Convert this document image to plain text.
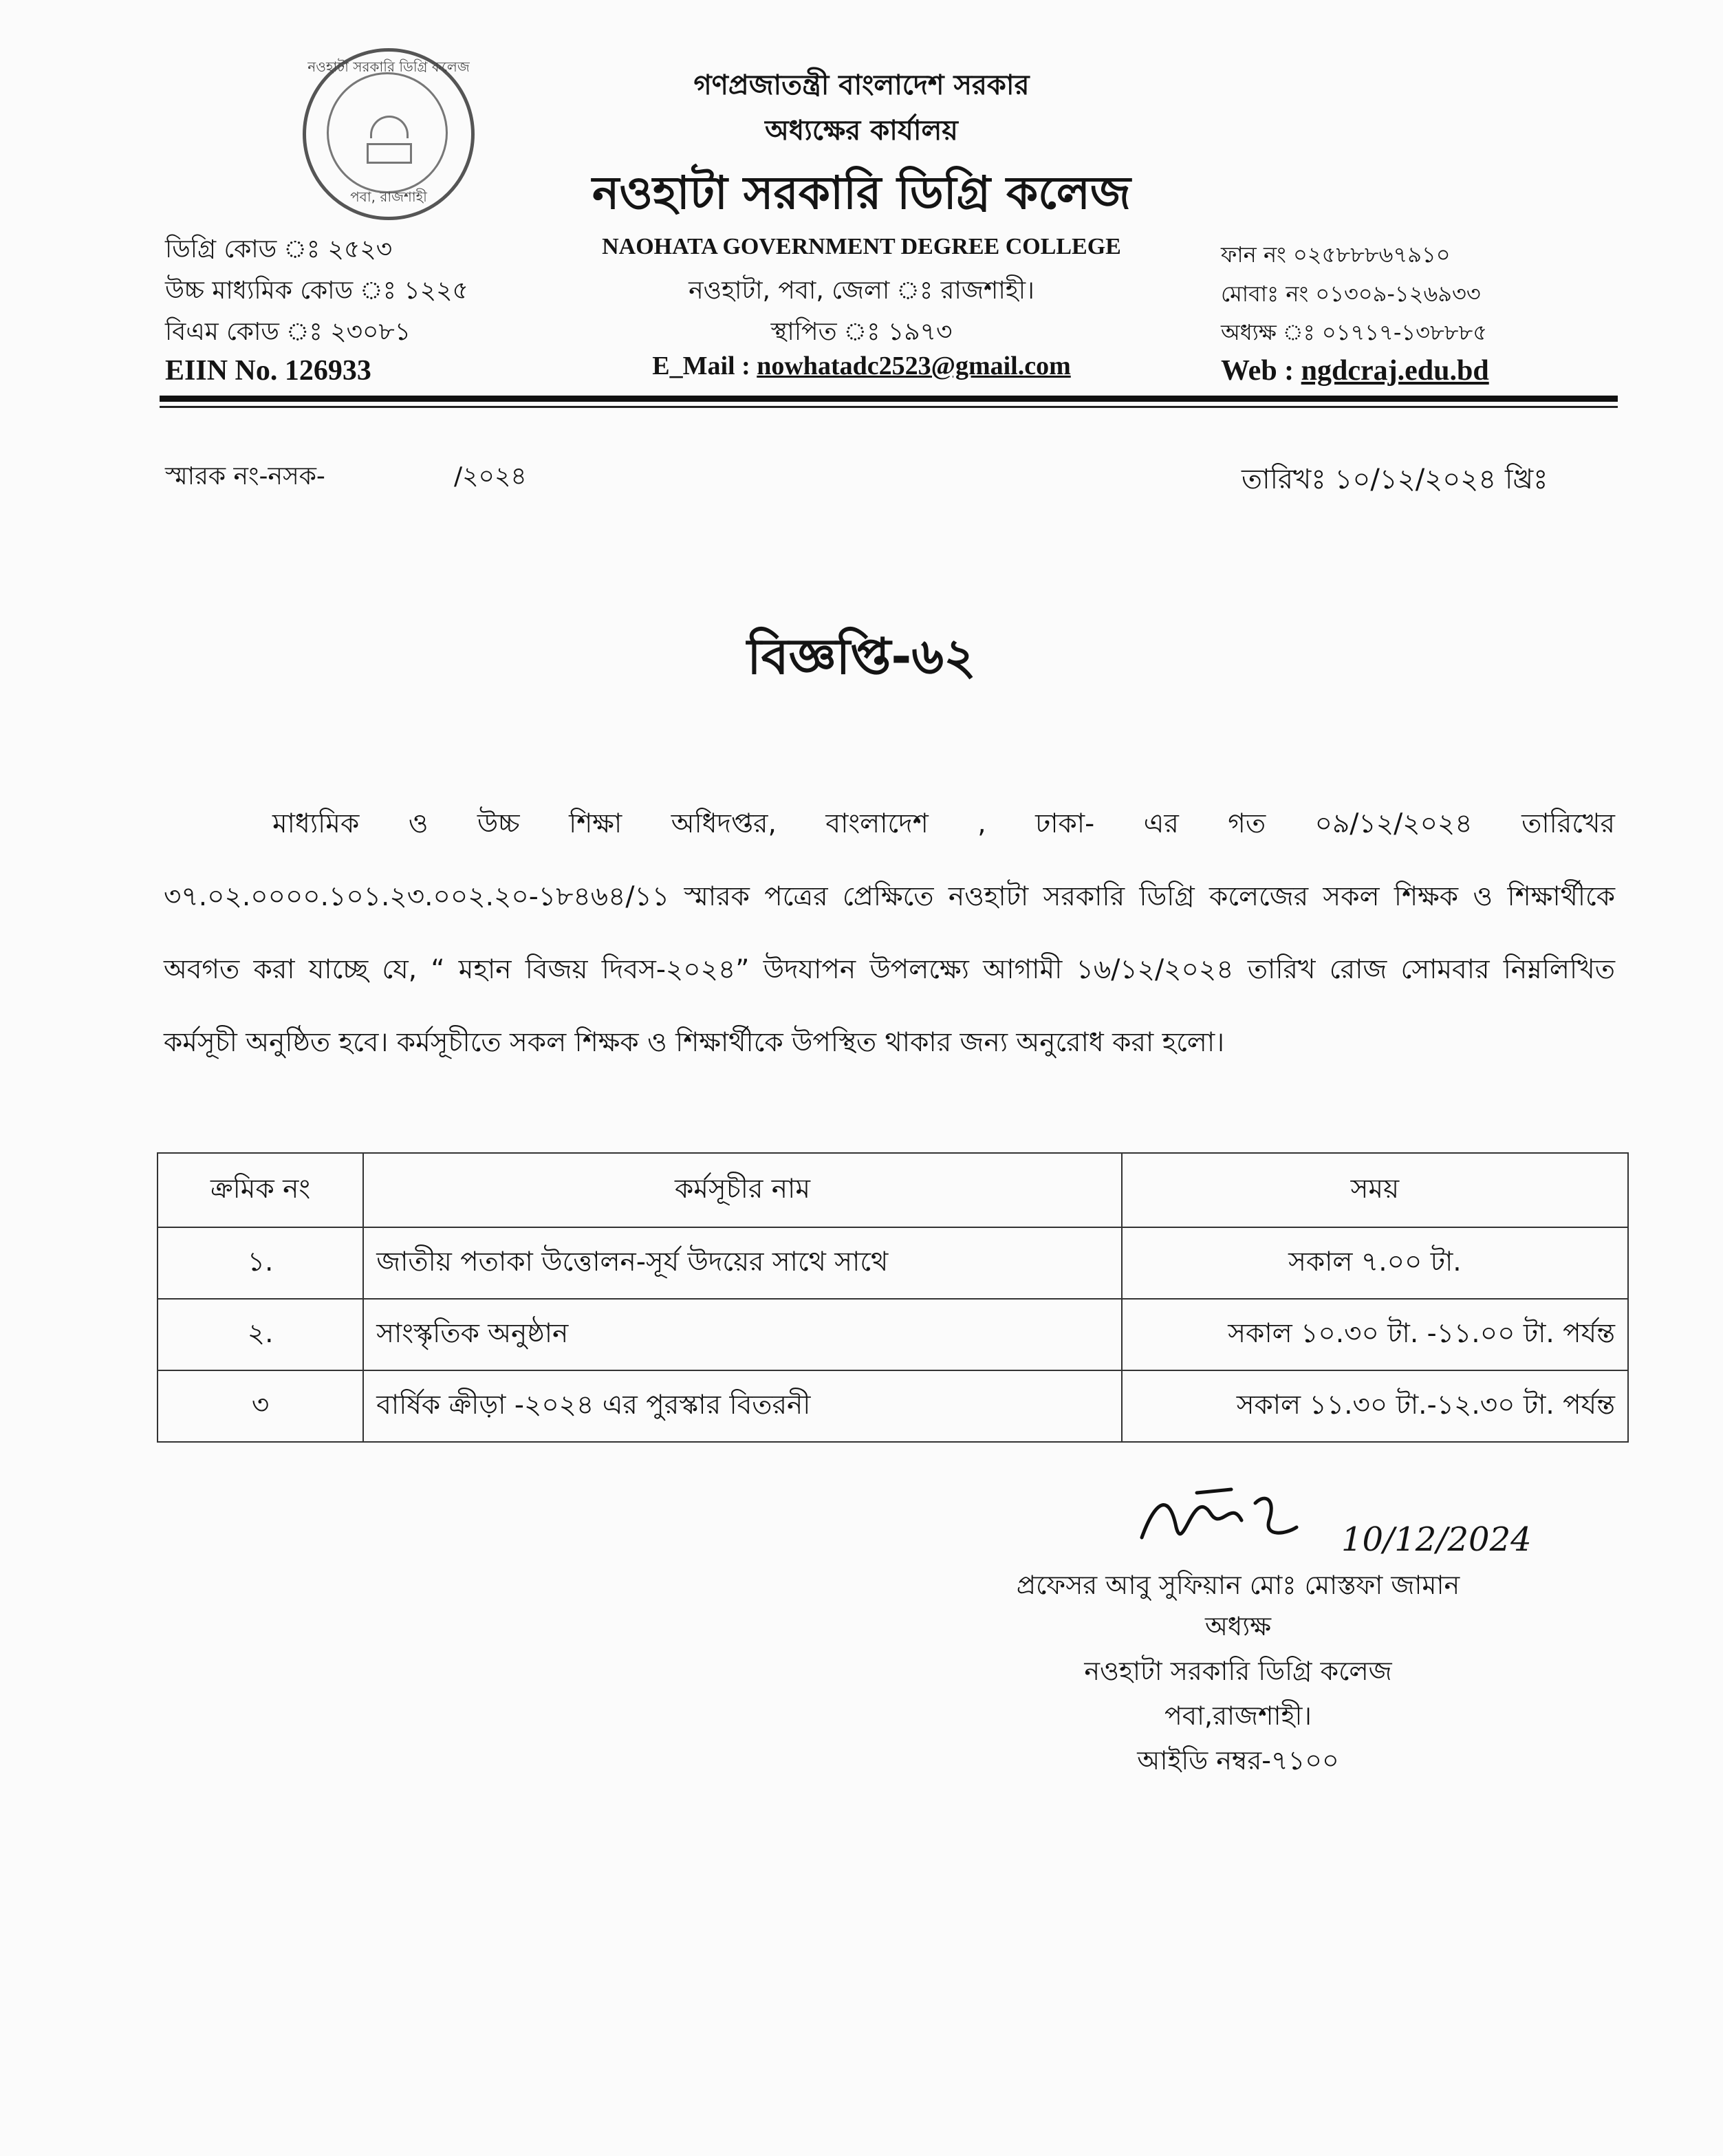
নওহাটা সরকারি ডিগ্রি কলেজ
পবা, রাজশাহী
গণপ্রজাতন্ত্রী বাংলাদেশ সরকার
অধ্যক্ষের কার্যালয়
নওহাটা সরকারি ডিগ্রি কলেজ
NAOHATA GOVERNMENT DEGREE COLLEGE
নওহাটা, পবা, জেলা ঃ রাজশাহী।
স্থাপিত ঃ ১৯৭৩
E_Mail : nowhatadc2523@gmail.com
ডিগ্রি কোড ঃ ২৫২৩
উচ্চ মাধ্যমিক কোড ঃ ১২২৫
বিএম কোড ঃ ২৩০৮১
EIIN No. 126933
ফান নং ০২৫৮৮৮৬৭৯১০
মোবাঃ নং ০১৩০৯-১২৬৯৩৩
অধ্যক্ষ ঃ ০১৭১৭-১৩৮৮৮৫
Web : ngdcraj.edu.bd
স্মারক নং-নসক-	/২০২৪	তারিখঃ ১০/১২/২০২৪ খ্রিঃ
বিজ্ঞপ্তি-৬২
মাধ্যমিক ও উচ্চ শিক্ষা অধিদপ্তর, বাংলাদেশ , ঢাকা- এর গত ০৯/১২/২০২৪ তারিখের ৩৭.০২.০০০০.১০১.২৩.০০২.২০-১৮৪৬৪/১১ স্মারক পত্রের প্রেক্ষিতে নওহাটা সরকারি ডিগ্রি কলেজের সকল শিক্ষক ও শিক্ষার্থীকে অবগত করা যাচ্ছে যে, “ মহান বিজয় দিবস-২০২৪” উদযাপন উপলক্ষ্যে আগামী ১৬/১২/২০২৪ তারিখ রোজ সোমবার নিম্নলিখিত কর্মসূচী অনুষ্ঠিত হবে। কর্মসূচীতে সকল শিক্ষক ও শিক্ষার্থীকে উপস্থিত থাকার জন্য অনুরোধ করা হলো।
ক্রমিক নং	কর্মসূচীর নাম	সময়
১.	জাতীয় পতাকা উত্তোলন-সূর্য উদয়ের সাথে সাথে	সকাল ৭.০০ টা.
২.	সাংস্কৃতিক অনুষ্ঠান	সকাল ১০.৩০ টা. -১১.০০ টা. পর্যন্ত
৩	বার্ষিক ক্রীড়া -২০২৪ এর পুরস্কার বিতরনী	সকাল ১১.৩০ টা.-১২.৩০ টা. পর্যন্ত
10/12/2024
প্রফেসর আবু সুফিয়ান মোঃ মোস্তফা জামান
অধ্যক্ষ
নওহাটা সরকারি ডিগ্রি কলেজ
পবা,রাজশাহী।
আইডি নম্বর-৭১০০
